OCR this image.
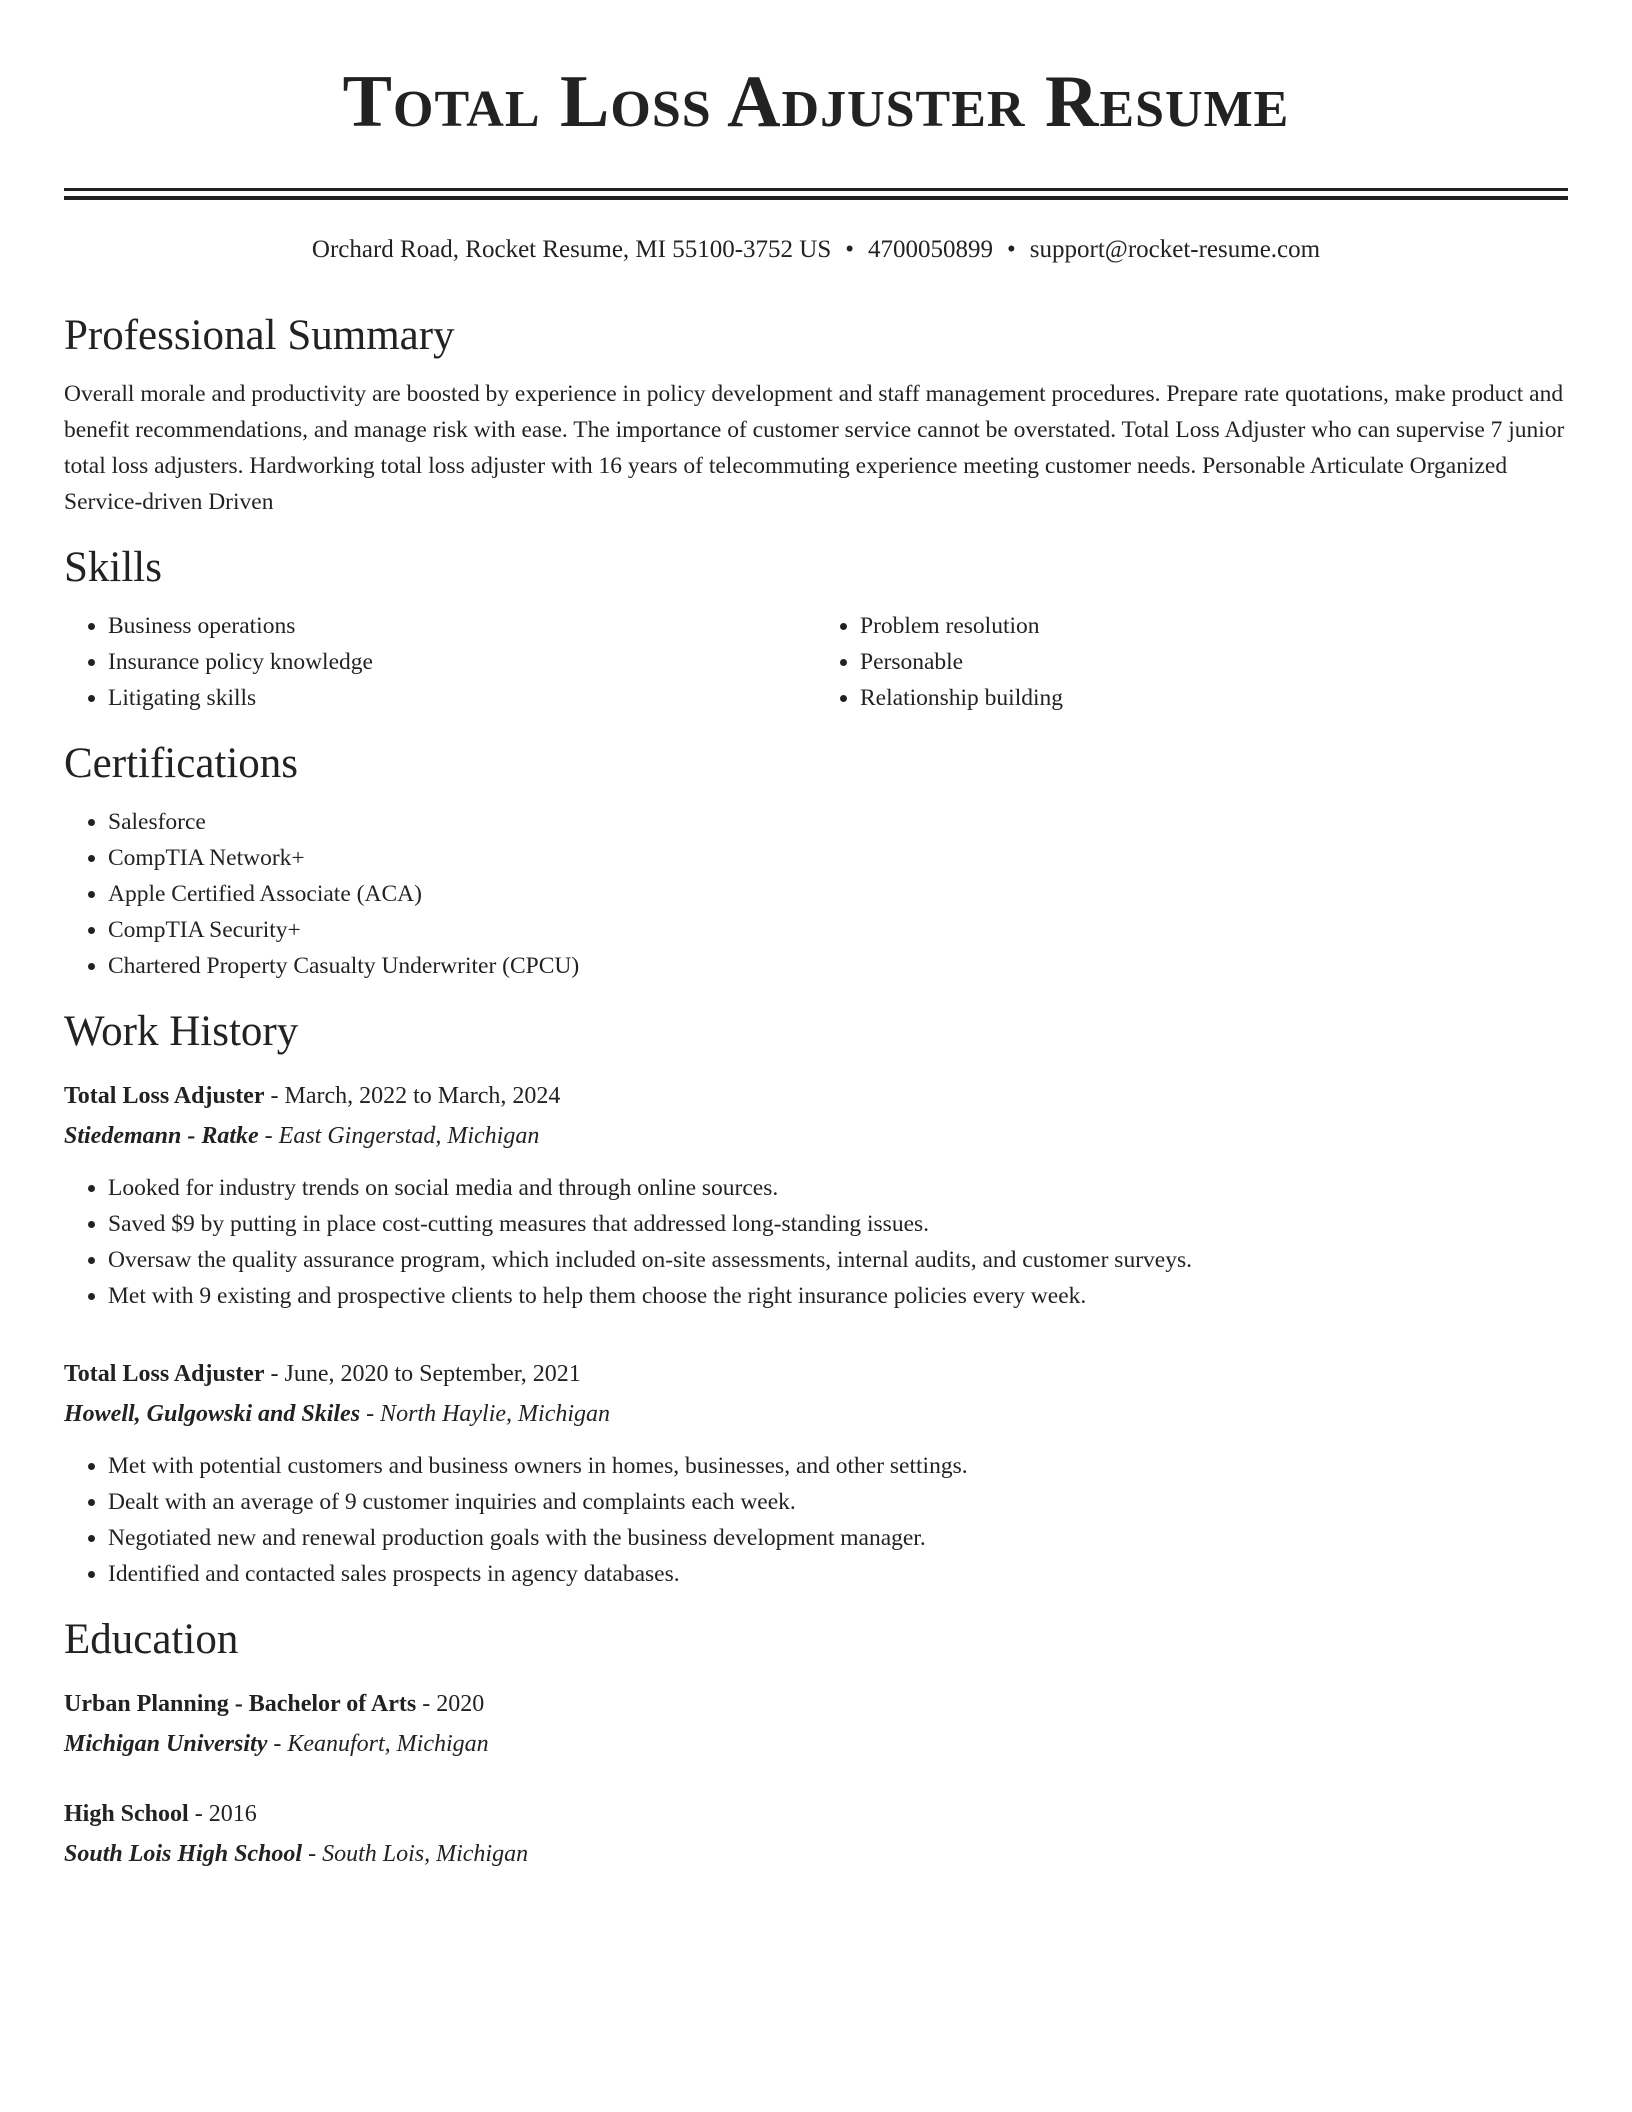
Total Loss Adjuster Resume
Orchard Road, Rocket Resume, MI 55100-3752 US • 4700050899 • support@rocket-resume.com
Professional Summary

Overall morale and productivity are boosted by experience in policy development and staff management procedures. Prepare rate quotations, make product and benefit recommendations, and manage risk with ease. The importance of customer service cannot be overstated. Total Loss Adjuster who can supervise 7 junior total loss adjusters. Hardworking total loss adjuster with 16 years of telecommuting experience meeting customer needs. Personable Articulate Organized Service-driven Driven

Skills
• Business operations
• Insurance policy knowledge
• Litigating skills
• Problem resolution
• Personable
• Relationship building
Certifications
• Salesforce
• CompTIA Network+
• Apple Certified Associate (ACA)
• CompTIA Security+
• Chartered Property Casualty Underwriter (CPCU)
Work History
Total Loss Adjuster - March, 2022 to March, 2024
Stiedemann - Ratke - East Gingerstad, Michigan
• Looked for industry trends on social media and through online sources.
• Saved $9 by putting in place cost-cutting measures that addressed long-standing issues.
• Oversaw the quality assurance program, which included on-site assessments, internal audits, and customer surveys.
• Met with 9 existing and prospective clients to help them choose the right insurance policies every week.
Total Loss Adjuster - June, 2020 to September, 2021
Howell, Gulgowski and Skiles - North Haylie, Michigan
• Met with potential customers and business owners in homes, businesses, and other settings.
• Dealt with an average of 9 customer inquiries and complaints each week.
• Negotiated new and renewal production goals with the business development manager.
• Identified and contacted sales prospects in agency databases.
Education
Urban Planning - Bachelor of Arts - 2020
Michigan University - Keanufort, Michigan
High School - 2016
South Lois High School - South Lois, Michigan
